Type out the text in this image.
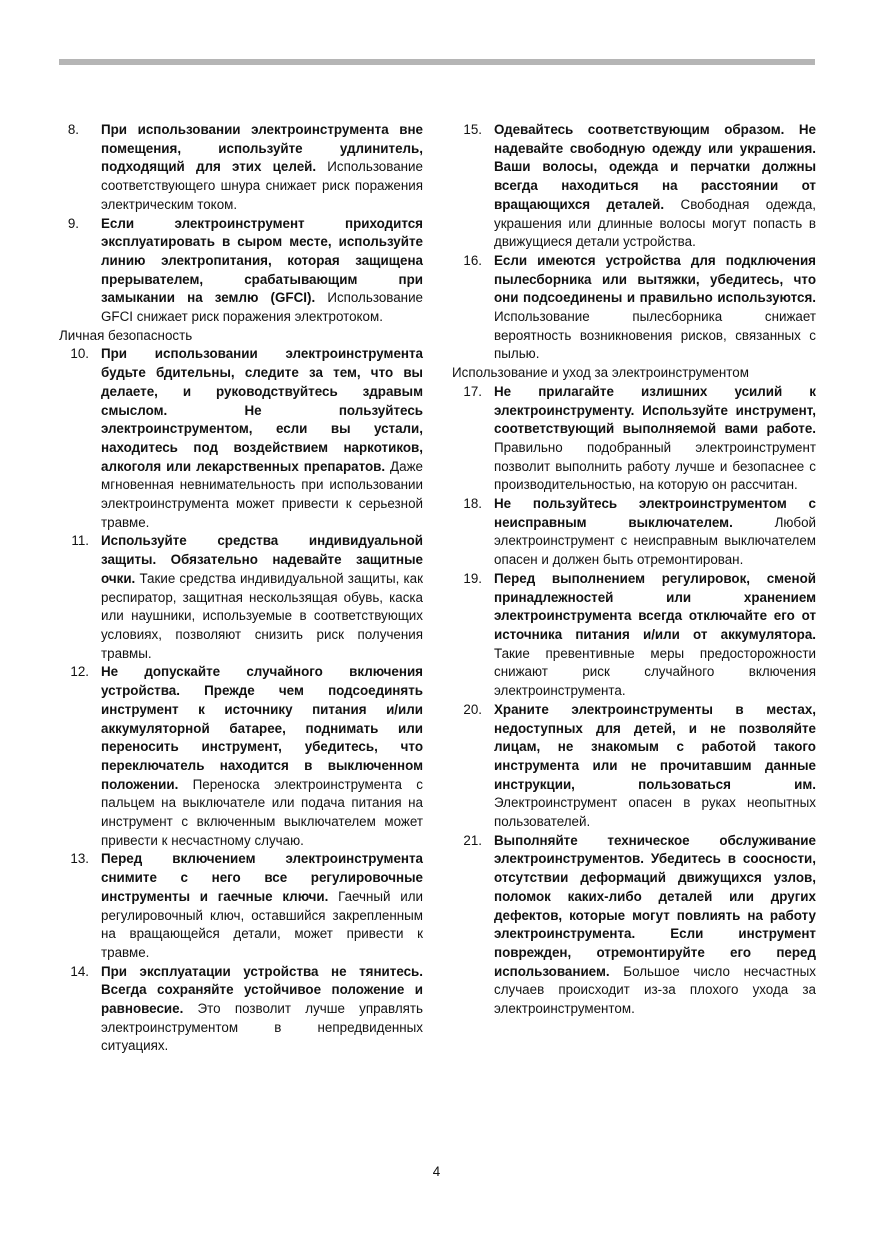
8. При использовании электроинструмента вне помещения, используйте удлинитель, подходящий для этих целей. Использование соответствующего шнура снижает риск поражения электрическим током.
9. Если электроинструмент приходится эксплуатировать в сыром месте, используйте линию электропитания, которая защищена прерывателем, срабатывающим при замыкании на землю (GFCI). Использование GFCI снижает риск поражения электротоком.
Личная безопасность
10. При использовании электроинструмента будьте бдительны, следите за тем, что вы делаете, и руководствуйтесь здравым смыслом. Не пользуйтесь электроинструментом, если вы устали, находитесь под воздействием наркотиков, алкоголя или лекарственных препаратов. Даже мгновенная невнимательность при использовании электроинструмента может привести к серьезной травме.
11. Используйте средства индивидуальной защиты. Обязательно надевайте защитные очки. Такие средства индивидуальной защиты, как респиратор, защитная нескользящая обувь, каска или наушники, используемые в соответствующих условиях, позволяют снизить риск получения травмы.
12. Не допускайте случайного включения устройства. Прежде чем подсоединять инструмент к источнику питания и/или аккумуляторной батарее, поднимать или переносить инструмент, убедитесь, что переключатель находится в выключенном положении. Переноска электроинструмента с пальцем на выключателе или подача питания на инструмент с включенным выключателем может привести к несчастному случаю.
13. Перед включением электроинструмента снимите с него все регулировочные инструменты и гаечные ключи. Гаечный или регулировочный ключ, оставшийся закрепленным на вращающейся детали, может привести к травме.
14. При эксплуатации устройства не тянитесь. Всегда сохраняйте устойчивое положение и равновесие. Это позволит лучше управлять электроинструментом в непредвиденных ситуациях.
15. Одевайтесь соответствующим образом. Не надевайте свободную одежду или украшения. Ваши волосы, одежда и перчатки должны всегда находиться на расстоянии от вращающихся деталей. Свободная одежда, украшения или длинные волосы могут попасть в движущиеся детали устройства.
16. Если имеются устройства для подключения пылесборника или вытяжки, убедитесь, что они подсоединены и правильно используются. Использование пылесборника снижает вероятность возникновения рисков, связанных с пылью.
Использование и уход за электроинструментом
17. Не прилагайте излишних усилий к электроинструменту. Используйте инструмент, соответствующий выполняемой вами работе. Правильно подобранный электроинструмент позволит выполнить работу лучше и безопаснее с производительностью, на которую он рассчитан.
18. Не пользуйтесь электроинструментом с неисправным выключателем. Любой электроинструмент с неисправным выключателем опасен и должен быть отремонтирован.
19. Перед выполнением регулировок, сменой принадлежностей или хранением электроинструмента всегда отключайте его от источника питания и/или от аккумулятора. Такие превентивные меры предосторожности снижают риск случайного включения электроинструмента.
20. Храните электроинструменты в местах, недоступных для детей, и не позволяйте лицам, не знакомым с работой такого инструмента или не прочитавшим данные инструкции, пользоваться им. Электроинструмент опасен в руках неопытных пользователей.
21. Выполняйте техническое обслуживание электроинструментов. Убедитесь в соосности, отсутствии деформаций движущихся узлов, поломок каких-либо деталей или других дефектов, которые могут повлиять на работу электроинструмента. Если инструмент поврежден, отремонтируйте его перед использованием. Большое число несчастных случаев происходит из-за плохого ухода за электроинструментом.
4
